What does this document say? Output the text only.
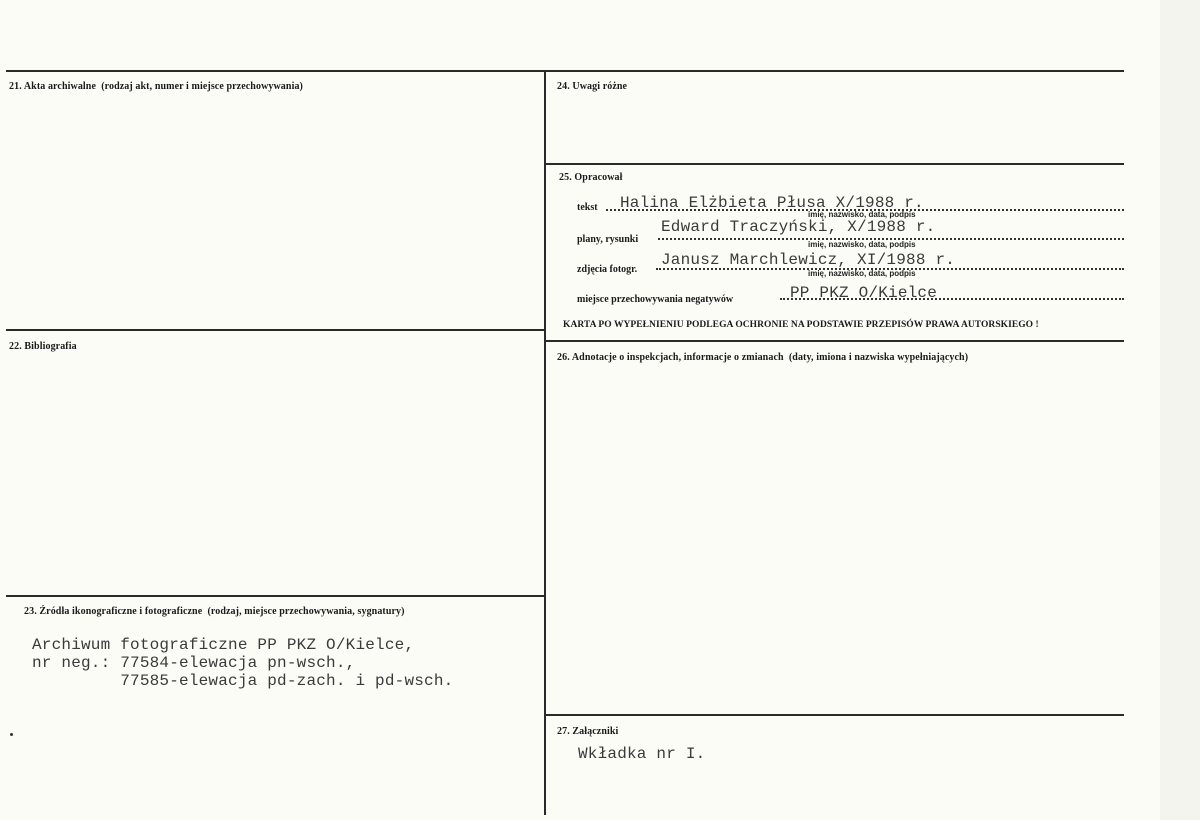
21. Akta archiwalne (rodzaj akt, numer i miejsce przechowywania)
22. Bibliografia
23. Źródła ikonograficzne i fotograficzne (rodzaj, miejsce przechowywania, sygnatury)
Archiwum fotograficzne PP PKZ O/Kielce,
nr neg.: 77584-elewacja pn-wsch.,
77585-elewacja pd-zach. i pd-wsch.
24. Uwagi różne
25. Opracował
tekst Halina Elżbieta Płusa X/1988 r.
imię, nazwisko, data, podpis
plany, rysunki
Edward Traczyński, X/1988 r.
imię, nazwisko, data, podpis
zdjęcia fotogr.
Janusz Marchlewicz, XI/1988 r.
imię, nazwisko, data, podpis
miejsce przechowywania negatywów	PP PKZ O/Kielce
KARTA PO WYPEŁNIENIU PODLEGA OCHRONIE NA PODSTAWIE PRZEPISÓW PRAWA AUTORSKIEGO !
26. Adnotacje o inspekcjach, informacje o zmianach (daty, imiona i nazwiska wypełniających)
27. Załączniki
Wkładka nr I.
